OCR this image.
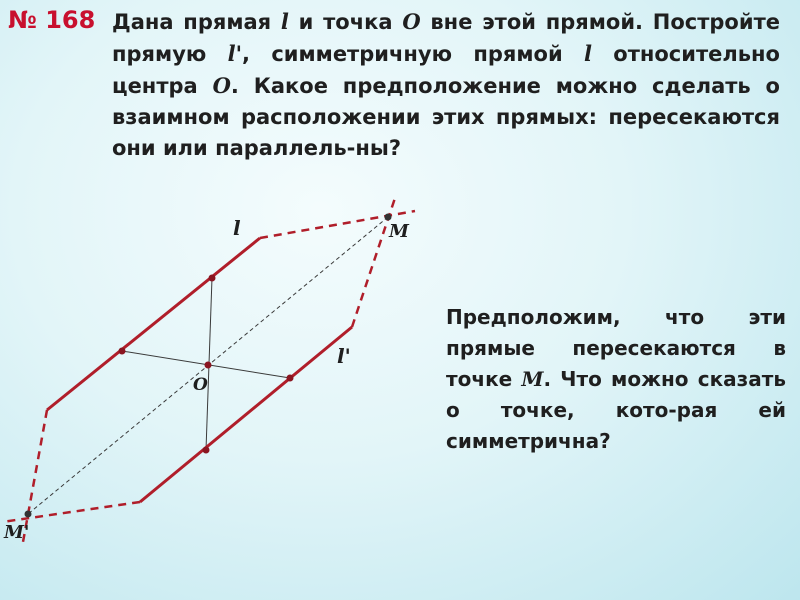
№ 168 Дана прямая l и точка O вне этой прямой. Постройте прямую l', симметричную прямой l относительно центра O. Какое предположение можно сделать о взаимном расположении этих прямых: пересекаются они или параллель-ны?
Предположим, что эти прямые пересекаются в точке M. Что можно сказать о точке, кото-рая ей симметрична?
l
l'
O
M
M'
